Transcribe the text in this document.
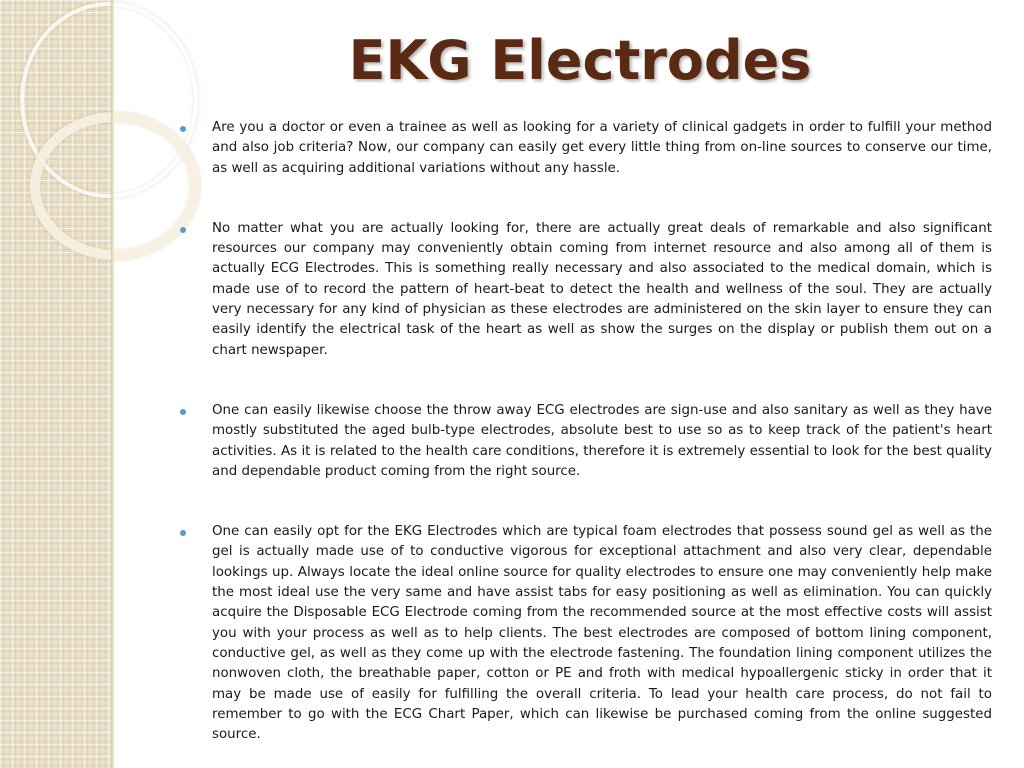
EKG Electrodes
Are you a doctor or even a trainee as well as looking for a variety of clinical gadgets in order to fulfill your method and also job criteria? Now, our company can easily get every little thing from on-line sources to conserve our time, as well as acquiring additional variations without any hassle.
No matter what you are actually looking for, there are actually great deals of remarkable and also significant resources our company may conveniently obtain coming from internet resource and also among all of them is actually ECG Electrodes. This is something really necessary and also associated to the medical domain, which is made use of to record the pattern of heart-beat to detect the health and wellness of the soul. They are actually very necessary for any kind of physician as these electrodes are administered on the skin layer to ensure they can easily identify the electrical task of the heart as well as show the surges on the display or publish them out on a chart newspaper.
One can easily likewise choose the throw away ECG electrodes are sign-use and also sanitary as well as they have mostly substituted the aged bulb-type electrodes, absolute best to use so as to keep track of the patient's heart activities. As it is related to the health care conditions, therefore it is extremely essential to look for the best quality and dependable product coming from the right source.
One can easily opt for the EKG Electrodes which are typical foam electrodes that possess sound gel as well as the gel is actually made use of to conductive vigorous for exceptional attachment and also very clear, dependable lookings up. Always locate the ideal online source for quality electrodes to ensure one may conveniently help make the most ideal use the very same and have assist tabs for easy positioning as well as elimination. You can quickly acquire the Disposable ECG Electrode coming from the recommended source at the most effective costs will assist you with your process as well as to help clients. The best electrodes are composed of bottom lining component, conductive gel, as well as they come up with the electrode fastening. The foundation lining component utilizes the nonwoven cloth, the breathable paper, cotton or PE and froth with medical hypoallergenic sticky in order that it may be made use of easily for fulfilling the overall criteria. To lead your health care process, do not fail to remember to go with the ECG Chart Paper, which can likewise be purchased coming from the online suggested source.
